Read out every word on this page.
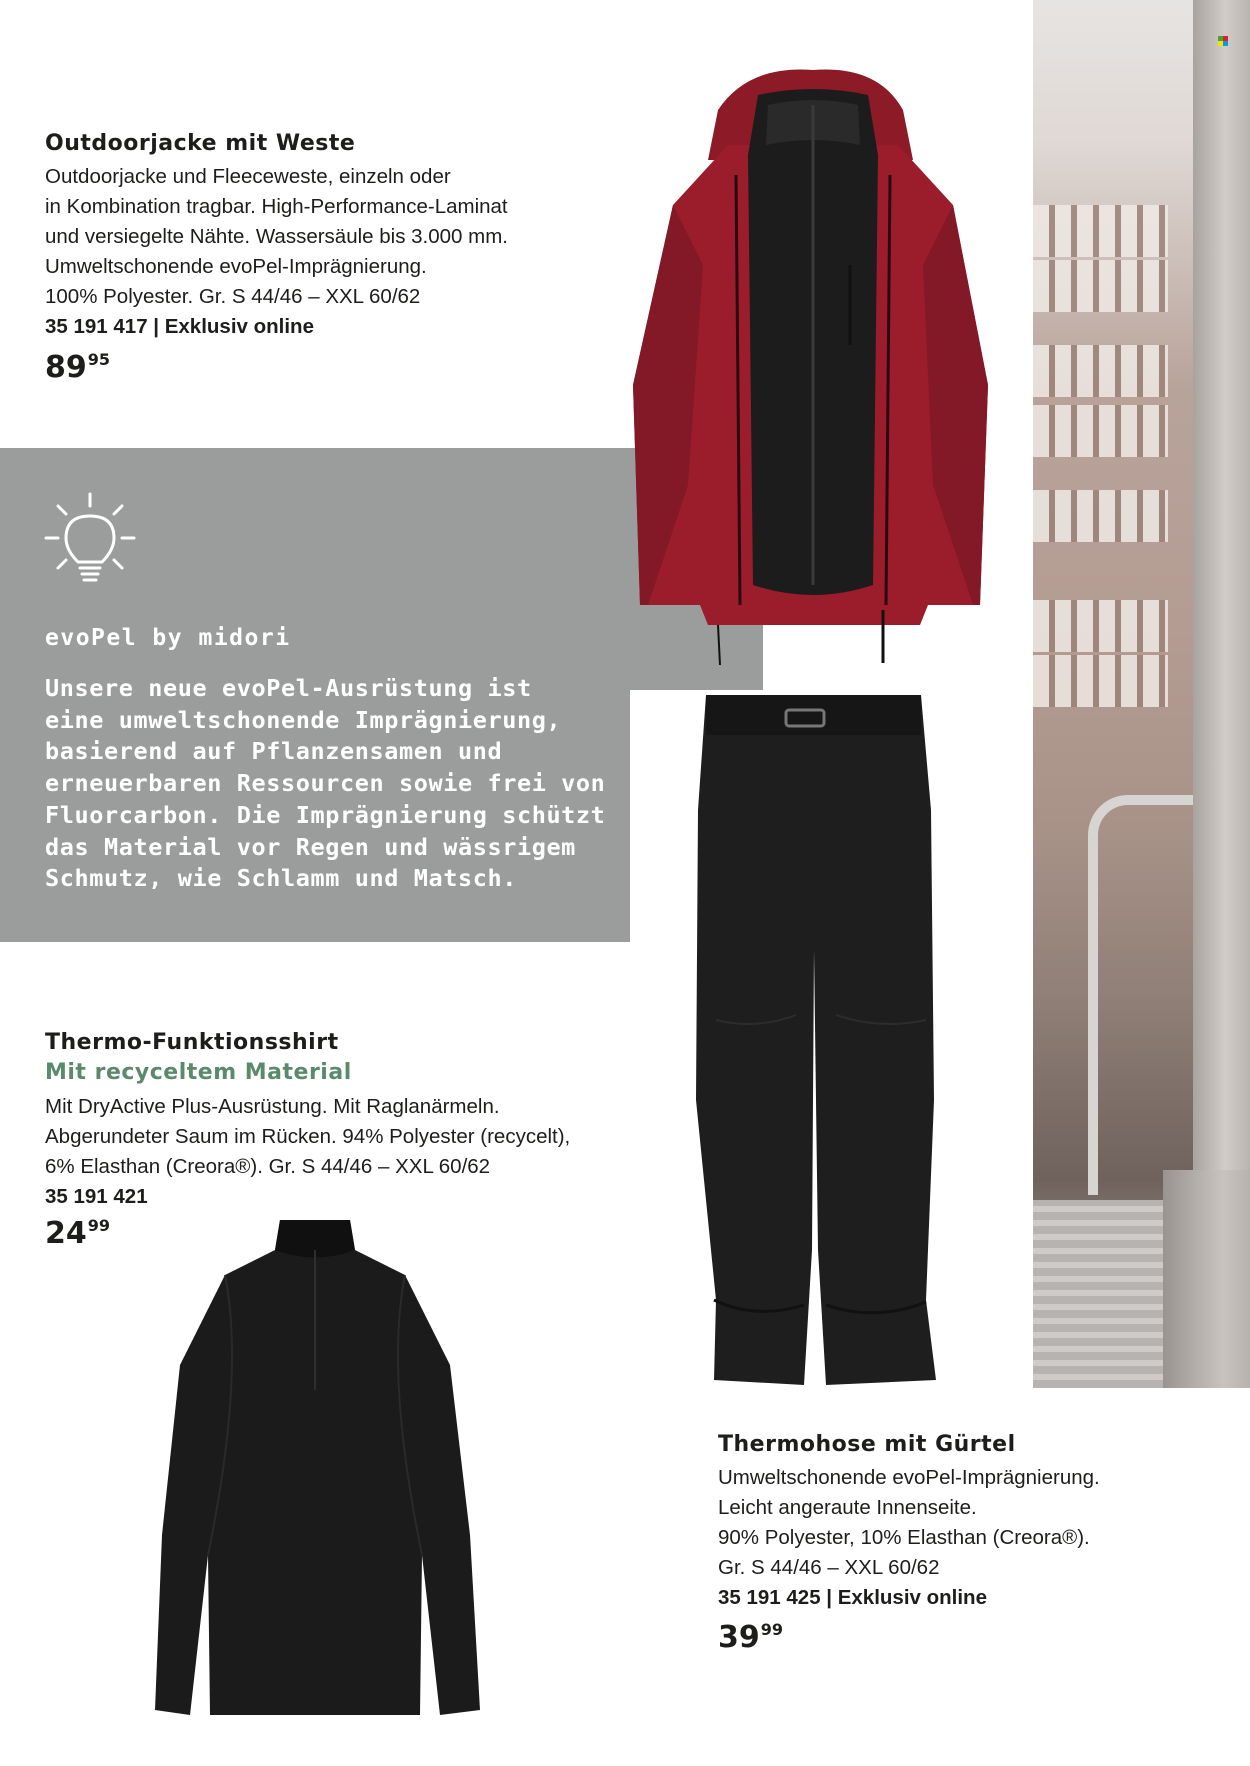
Outdoorjacke mit Weste

Outdoorjacke und Fleeceweste, einzeln oder

in Kombination tragbar. High-Performance-Laminat

und versiegelte Nähte. Wassersäule bis 3.000 mm.

Umweltschonende evoPel-Imprägnierung.

100% Polyester. Gr. S 44/46 – XXL 60/62

35 191 417 | Exklusiv online

$89^{95}$
evoPel by midori

Unsere neue evoPel-Ausrüstung ist

eine umweltschonende Imprägnierung,

basierend auf Pflanzensamen und

erneuerbaren Ressourcen sowie frei von

Fluorcarbon. Die Imprägnierung schützt

das Material vor Regen und wässrigem

Schmutz, wie Schlamm und Matsch.

Thermo-Funktionsshirt
Mit recyceltem Material

Mit DryActive Plus-Ausrüstung. Mit Raglanärmeln.

Abgerundeter Saum im Rücken. 94% Polyester (recycelt),

6% Elasthan (Creora®). Gr. S 44/46 – XXL 60/62

35 191 421

$24^{99}$
Thermohose mit Gürtel

Umweltschonende evoPel-Imprägnierung.

Leicht angeraute Innenseite.

90% Polyester, 10% Elasthan (Creora®).

Gr. S 44/46 – XXL 60/62

35 191 425 | Exklusiv online

$39^{99}$
